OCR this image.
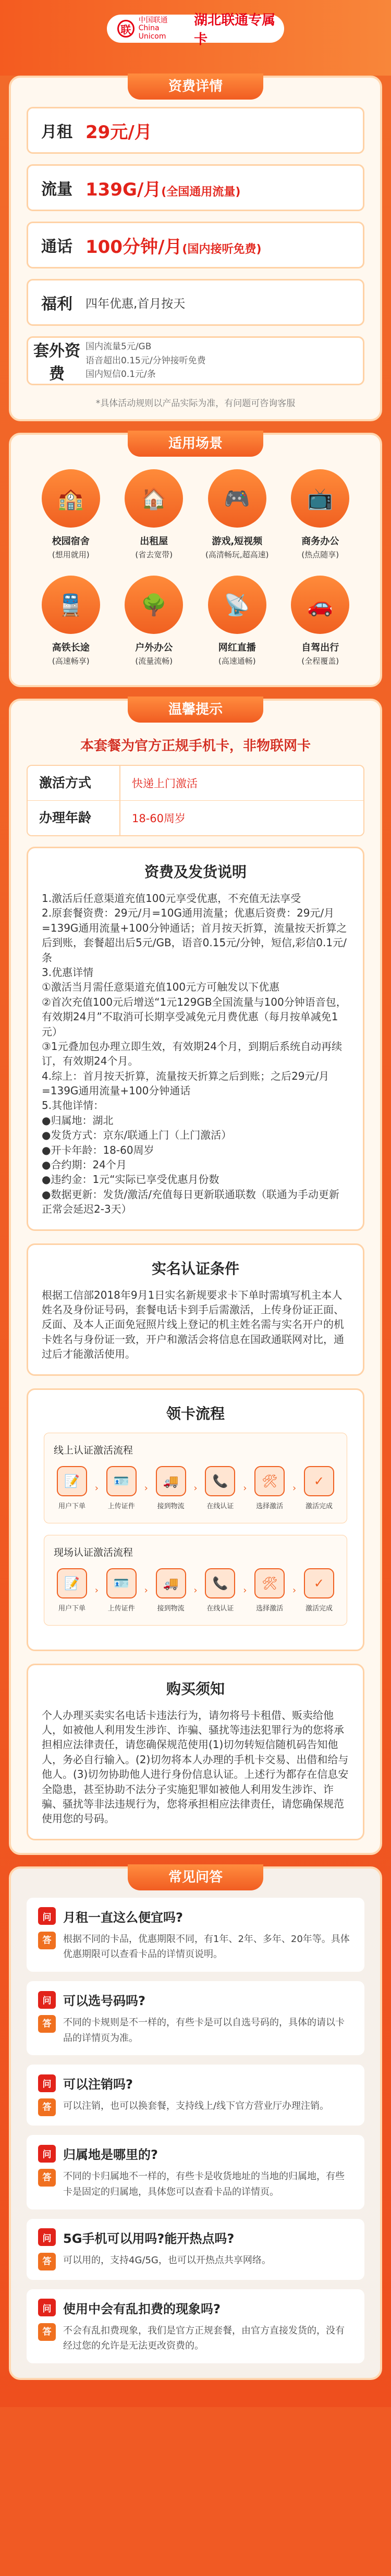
联
中国联通
China Unicom
湖北联通专属卡
资费详情
月租 29元/月
流量 139G/月(全国通用流量)
通话 100分钟/月(国内接听免费)
福利	四年优惠,首月按天
套外资费
国内流量5元/GB
语音超出0.15元/分钟接听免费
国内短信0.1元/条
*具体活动规则以产品实际为准，有问题可咨询客服
适用场景
🏫
校园宿舍
(想用就用)
🏠
出租屋
(省去宽带)
🎮
游戏,短视频
(高清畅玩,超高速)
📺
商务办公
(热点随享)
🚆
高铁长途
(高速畅享)
🌳
户外办公
(流量流畅)
📡
网红直播
(高速通畅)
🚗
自驾出行
(全程覆盖)
温馨提示
本套餐为官方正规手机卡，非物联网卡
激活方式	快递上门激活
办理年龄	18-60周岁
资费及发货说明
1.激活后任意渠道充值100元享受优惠，不充值无法享受
2.原套餐资费：29元/月=10G通用流量；优惠后资费：29元/月=139G通用流量+100分钟通话；首月按天折算，流量按天折算之后到账，套餐超出后5元/GB，语音0.15元/分钟，短信,彩信0.1元/条
3.优惠详情
①激活当月需任意渠道充值100元方可触发以下优惠
②首次充值100元后增送“1元129GB全国流量与100分钟语音包，有效期24月”不取消可长期享受减免元月费优惠（每月按单减免1元）
③1元叠加包办理立即生效，有效期24个月，到期后系统自动再续订，有效期24个月。
4.综上：首月按天折算，流量按天折算之后到账；之后29元/月=139G通用流量+100分钟通话
5.其他详情：
●归属地：湖北
●发货方式：京东/联通上门（上门激活）
●开卡年龄：18-60周岁
●合约期：24个月
●违约金：1元“实际已享受优惠月份数
●数据更新：发货/激活/充值每日更新联通联数（联通为手动更新正常会延迟2-3天）
实名认证条件
根据工信部2018年9月1日实名新规要求卡下单时需填写机主本人姓名及身份证号码，套餐电话卡到手后需激活，上传身份证正面、反面、及本人正面免冠照片线上登记的机主姓名需与实名开户的机卡姓名与身份证一致，开户和激活会将信息在国政通联网对比，通过后才能激活使用。
领卡流程
线上认证激活流程
📝
用户下单
›	🪪
上传证件
›	🚚
接到物流
›	📞
在线认证
›	🛠
选择激活
›	✓
激活完成
现场认证激活流程
📝
用户下单
›	🪪
上传证件
›	🚚
接到物流
›	📞
在线认证
›	🛠
选择激活
›	✓
激活完成
购买须知
个人办理买卖实名电话卡违法行为，请勿将号卡租借、贩卖给他人，如被他人利用发生涉诈、诈骗、骚扰等违法犯罪行为的您将承担相应法律责任，请您确保规范使用(1)切勿转短信随机码告知他人，务必自行输入。(2)切勿将本人办理的手机卡交易、出借和给与他人。(3)切勿协助他人进行身份信息认证。上述行为都存在信息安全隐患，甚至协助不法分子实施犯罪如被他人利用发生涉诈、诈骗、骚扰等非法违规行为，您将承担相应法律责任，请您确保规范使用您的号码。
常见问答
问 月租一直这么便宜吗?
答	根据不同的卡品，优惠期限不同，有1年、2年、多年、20年等。具体优惠期限可以查看卡品的详情页说明。
问 可以选号码吗?
答	不同的卡规则是不一样的，有些卡是可以自选号码的，具体的请以卡品的详情页为准。
问 可以注销吗?
答	可以注销，也可以换套餐，支持线上/线下官方营业厅办理注销。
问 归属地是哪里的?
答	不同的卡归属地不一样的，有些卡是收货地址的当地的归属地，有些卡是固定的归属地，具体您可以查看卡品的详情页。
问 5G手机可以用吗?能开热点吗?
答	可以用的，支持4G/5G，也可以开热点共享网络。
问 使用中会有乱扣费的现象吗?
答	不会有乱扣费现象，我们是官方正规套餐，由官方直接发货的，没有经过您的允许是无法更改资费的。
